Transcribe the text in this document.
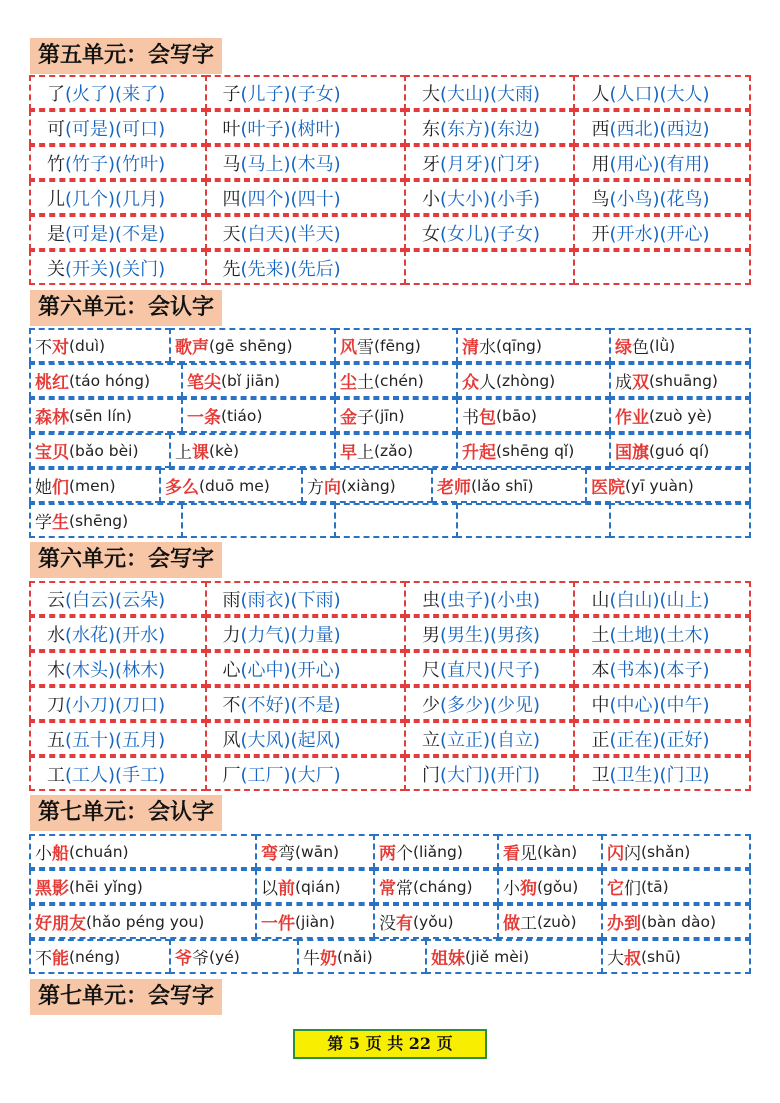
第五单元：会写字
了 (火了)(来了)	子 (儿子)(子女)	大 (大山)(大雨)	人 (人口)(大人)
可 (可是)(可口)	叶 (叶子)(树叶)	东 (东方)(东边)	西 (西北)(西边)
竹 (竹子)(竹叶)	马 (马上)(木马)	牙 (月牙)(门牙)	用 (用心)(有用)
儿 (几个)(几月)	四 (四个)(四十)	小 (大小)(小手)	鸟 (小鸟)(花鸟)
是 (可是)(不是)	天 (白天)(半天)	女 (女儿)(子女)	开 (开水)(开心)
关 (开关)(关门)	先 (先来)(先后)
第六单元：会认字
不 对 (duì)	歌声 (gē shēng)	风 雪 (fēng) 清 水 (qīng)	绿 色 (lǜ)
桃红 (táo hóng) 笔尖 (bǐ jiān)	尘 土 (chén) 众 人 (zhòng)	成 双 (shuāng)
森林 (sēn lín)	一条 (tiáo)	金 子 (jīn)	书 包 (bāo)	作业 (zuò yè)
宝贝 (bǎo bèi) 上 课 (kè)	早 上 (zǎo)	升起 (shēng qǐ) 国旗 (guó qí)
她 们 (men)	多么 (duō me) 方 向 (xiàng) 老师 (lǎo shī)	医院 (yī yuàn)
学 生 (shēng)
第六单元：会写字
云 (白云)(云朵)	雨 (雨衣)(下雨)	虫 (虫子)(小虫)	山 (白山)(山上)
水 (水花)(开水)	力 (力气)(力量)	男 (男生)(男孩)	土 (土地)(土木)
木 (木头)(林木)	心 (心中)(开心)	尺 (直尺)(尺子)	本 (书本)(本子)
刀 (小刀)(刀口)	不 (不好)(不是)	少 (多少)(少见)	中 (中心)(中午)
五 (五十)(五月)	风 (大风)(起风)	立 (立正)(自立)	正 (正在)(正好)
工 (工人)(手工)	厂 (工厂)(大厂)	门 (大门)(开门)	卫 (卫生)(门卫)
第七单元：会认字
小 船 (chuán)	弯 弯 (wān) 两 个 (liǎng) 看 见 (kàn) 闪 闪 (shǎn)
黑影 (hēi yǐng)	以 前 (qián) 常 常 (cháng) 小 狗 (gǒu) 它 们 (tā)
好朋友 (hǎo péng you)	一件 (jiàn)	没 有 (yǒu)	做 工 (zuò) 办到 (bàn dào)
不 能 (néng)	爷 爷 (yé)	牛 奶 (nǎi)	姐妹 (jiě mèi)	大 叔 (shū)
第七单元：会写字
第 5 页 共 22 页
